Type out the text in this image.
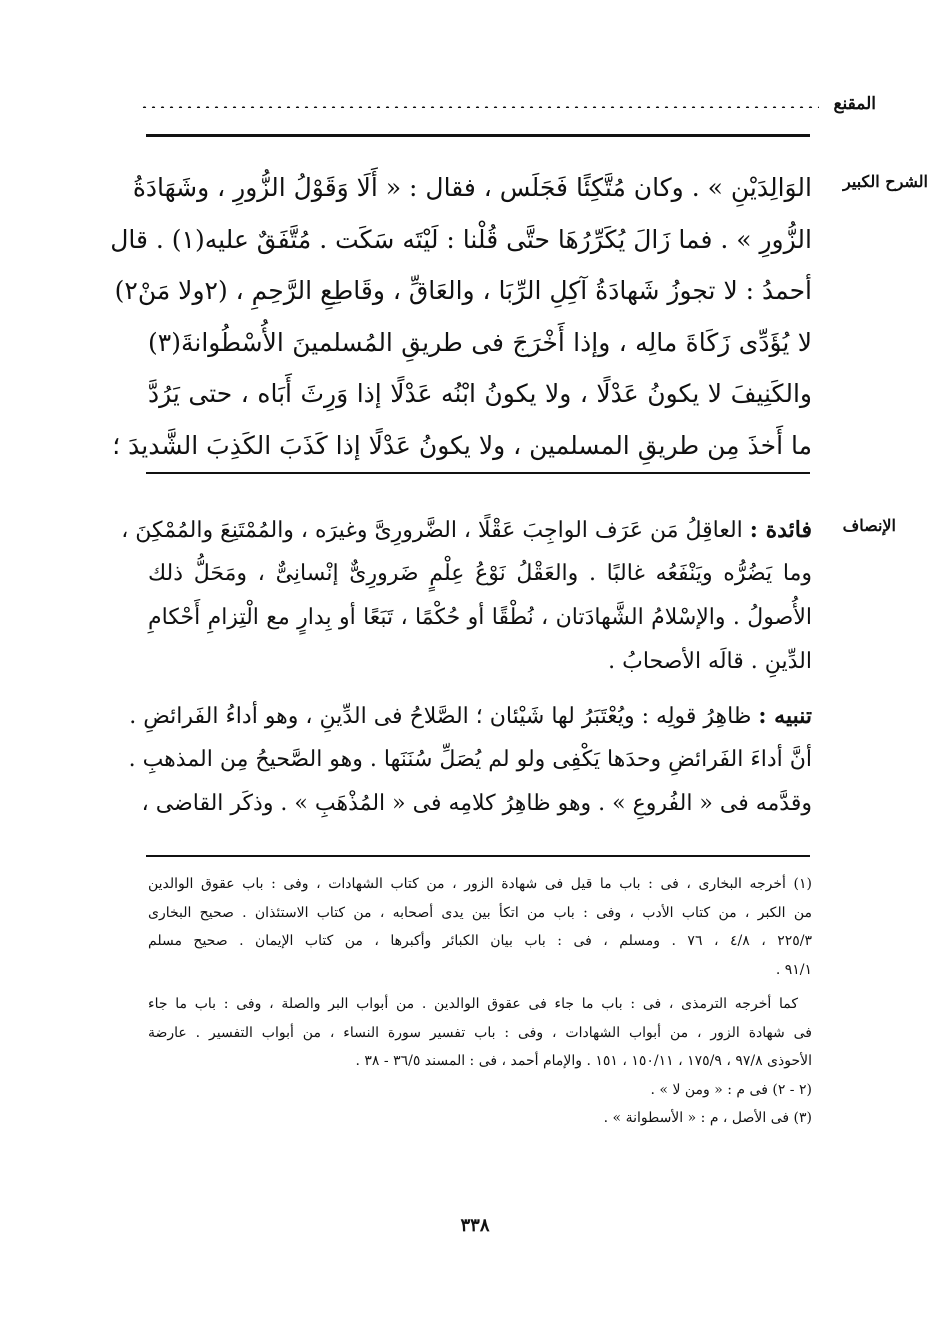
المقنع
الشرح الكبير
الوَالِدَيْنِ » . وكان مُتَّكِئًا فَجَلَس ، فقال : « أَلَا وَقَوْلُ الزُّورِ ، وشَهَادَةُ
الزُّورِ » . فما زَالَ يُكَرِّرُهَا حتَّى قُلْنا : لَيْتَه سَكَت . مُتَّفَقٌ عليه(١) . قال
أحمدُ : لا تجوزُ شَهادَةُ آكِلِ الرِّبَا ، والعَاقِّ ، وقَاطِعِ الرَّحِمِ ، (٢ولا مَنْ٢)
لا يُؤَدِّى زَكَاةَ مالِه ، وإذا أَخْرَجَ فى طريقِ المُسلمينَ الأُسْطُوانةَ(٣)
والكَنِيفَ لا يكونُ عَدْلًا ، ولا يكونُ ابْنُه عَدْلًا إذا وَرِثَ أَبَاه ، حتى يَرُدَّ
ما أَخذَ مِن طريقِ المسلمين ، ولا يكونُ عَدْلًا إذا كَذَبَ الكَذِبَ الشَّديدَ ؛
الإنصاف
فائدة : العاقِلُ مَن عَرَف الواجِبَ عَقْلًا ، الضَّرورِىَّ وغيرَه ، والمُمْتَنِعَ والمُمْكِنَ ،
وما يَضُرُّه ويَنْفَعُه غالبًا . والعَقْلُ نَوْعُ عِلْمٍ ضَرورِىٌّ إنْسانِىٌّ ، ومَحَلُّ ذلك
الأُصولُ . والإسْلامُ الشَّهادَتان ، نُطْقًا أو حُكْمًا ، تَبَعًا أو بِدارٍ مع الْتِزامِ أَحْكامِ
الدِّينِ . قالَه الأصحابُ .
تنبيه : ظاهِرُ قولِه : ويُعْتَبَرُ لها شَيْئان ؛ الصَّلاحُ فى الدِّينِ ، وهو أداءُ الفَرائضِ .
أنَّ أداءَ الفَرائضِ وحدَها يَكْفِى ولو لم يُصَلِّ سُنَنَها . وهو الصَّحيحُ مِن المذهبِ .
وقدَّمه فى « الفُروعِ » . وهو ظاهِرُ كلامِه فى « المُذْهَبِ » . وذكَر القاضى ،
(١) أخرجه البخارى ، فى : باب ما قيل فى شهادة الزور ، من كتاب الشهادات ، وفى : باب عقوق الوالدين
من الكبر ، من كتاب الأدب ، وفى : باب من اتكأ بين يدى أصحابه ، من كتاب الاستئذان . صحيح البخارى
٢٢٥/٣ ، ٤/٨ ، ٧٦ . ومسلم ، فى : باب بيان الكبائر وأكبرها ، من كتاب الإيمان . صحيح مسلم
٩١/١ .
كما أخرجه الترمذى ، فى : باب ما جاء فى عقوق الوالدين . من أبواب البر والصلة ، وفى : باب ما جاء
فى شهادة الزور ، من أبواب الشهادات ، وفى : باب تفسير سورة النساء ، من أبواب التفسير . عارضة
الأحوذى ٩٧/٨ ، ١٧٥/٩ ، ١٥٠/١١ ، ١٥١ . والإمام أحمد ، فى : المسند ٣٦/٥ - ٣٨ .
(٢ - ٢) فى م : « ومن لا » .
(٣) فى الأصل ، م : « الأسطوانة » .
٣٣٨
